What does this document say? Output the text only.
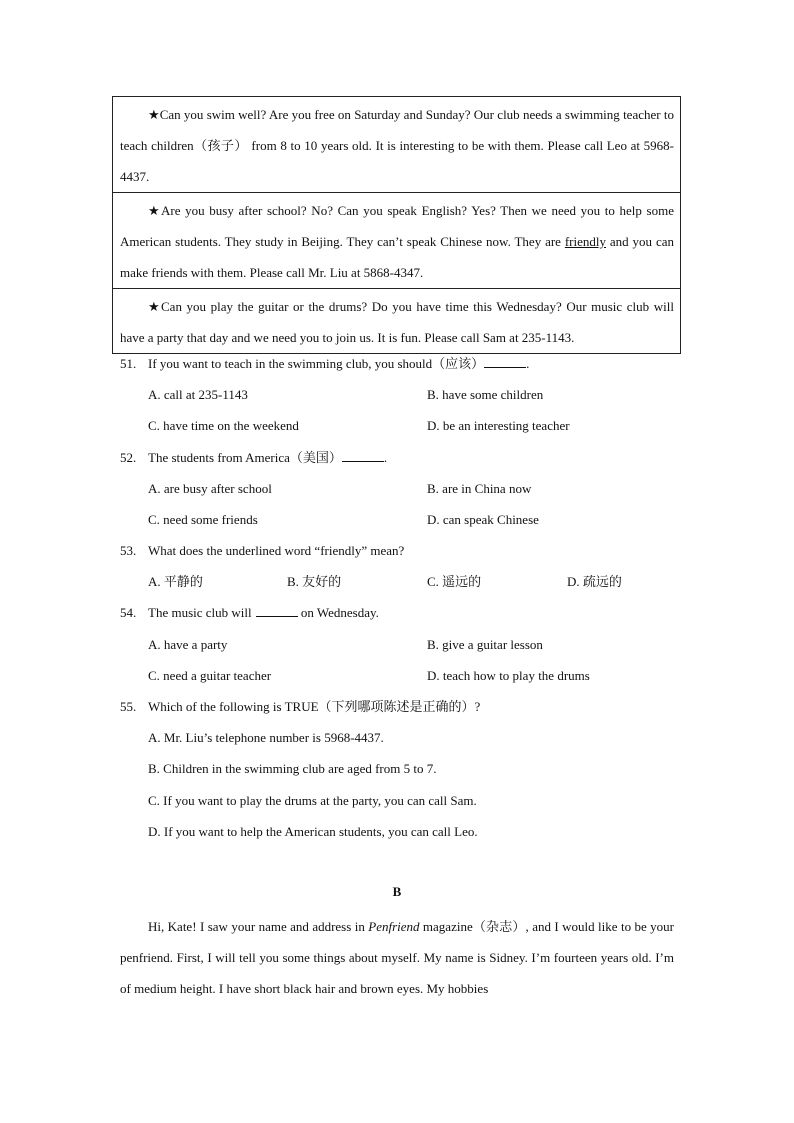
★Can you swim well? Are you free on Saturday and Sunday? Our club needs a swimming teacher to teach children（孩子） from 8 to 10 years old. It is interesting to be with them. Please call Leo at 5968-4437.

★Are you busy after school? No? Can you speak English? Yes? Then we need you to help some American students. They study in Beijing. They can’t speak Chinese now. They are friendly and you can make friends with them. Please call Mr. Liu at 5868-4347.

★Can you play the guitar or the drums? Do you have time this Wednesday? Our music club will have a party that day and we need you to join us. It is fun. Please call Sam at 235-1143.

51. If you want to teach in the swimming club, you should（应该）	.
A. call at 235-1143	B. have some children
C. have time on the weekend	D. be an interesting teacher
52. The students from America（美国）	.
A. are busy after school	B. are in China now
C. need some friends	D. can speak Chinese
53. What does the underlined word “friendly” mean?
A. 平静的	B. 友好的	C. 遥远的	D. 疏远的
54. The music club will	on Wednesday.
A. have a party	B. give a guitar lesson
C. need a guitar teacher	D. teach how to play the drums
55. Which of the following is TRUE（下列哪项陈述是正确的）?
A. Mr. Liu’s telephone number is 5968-4437.
B. Children in the swimming club are aged from 5 to 7.
C. If you want to play the drums at the party, you can call Sam.
D. If you want to help the American students, you can call Leo.
B

Hi, Kate! I saw your name and address in Penfriend magazine（杂志）, and I would like to be your penfriend. First, I will tell you some things about myself. My name is Sidney. I’m fourteen years old. I’m of medium height. I have short black hair and brown eyes. My hobbies
